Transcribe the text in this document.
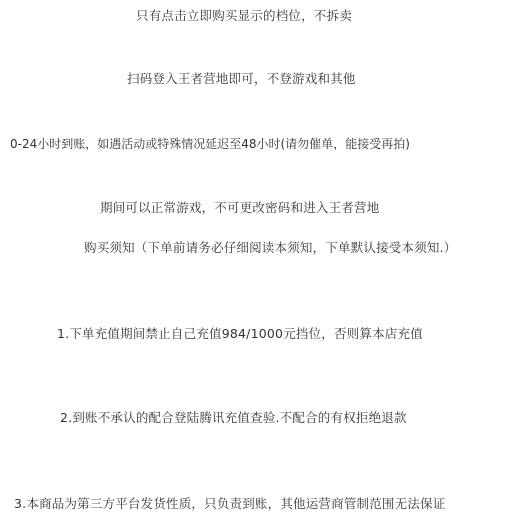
只有点击立即购买显示的档位，不拆卖
扫码登入王者营地即可，不登游戏和其他
0-24小时到账，如遇活动或特殊情况延迟至48小时(请勿催单，能接受再拍)
期间可以正常游戏，不可更改密码和进入王者营地
购买须知（下单前请务必仔细阅读本须知，下单默认接受本须知.）
1.下单充值期间禁止自己充值984/1000元挡位，否则算本店充值
2.到账不承认的配合登陆腾讯充值查验.不配合的有权拒绝退款
3.本商品为第三方平台发货性质，只负责到账，其他运营商管制范围无法保证
